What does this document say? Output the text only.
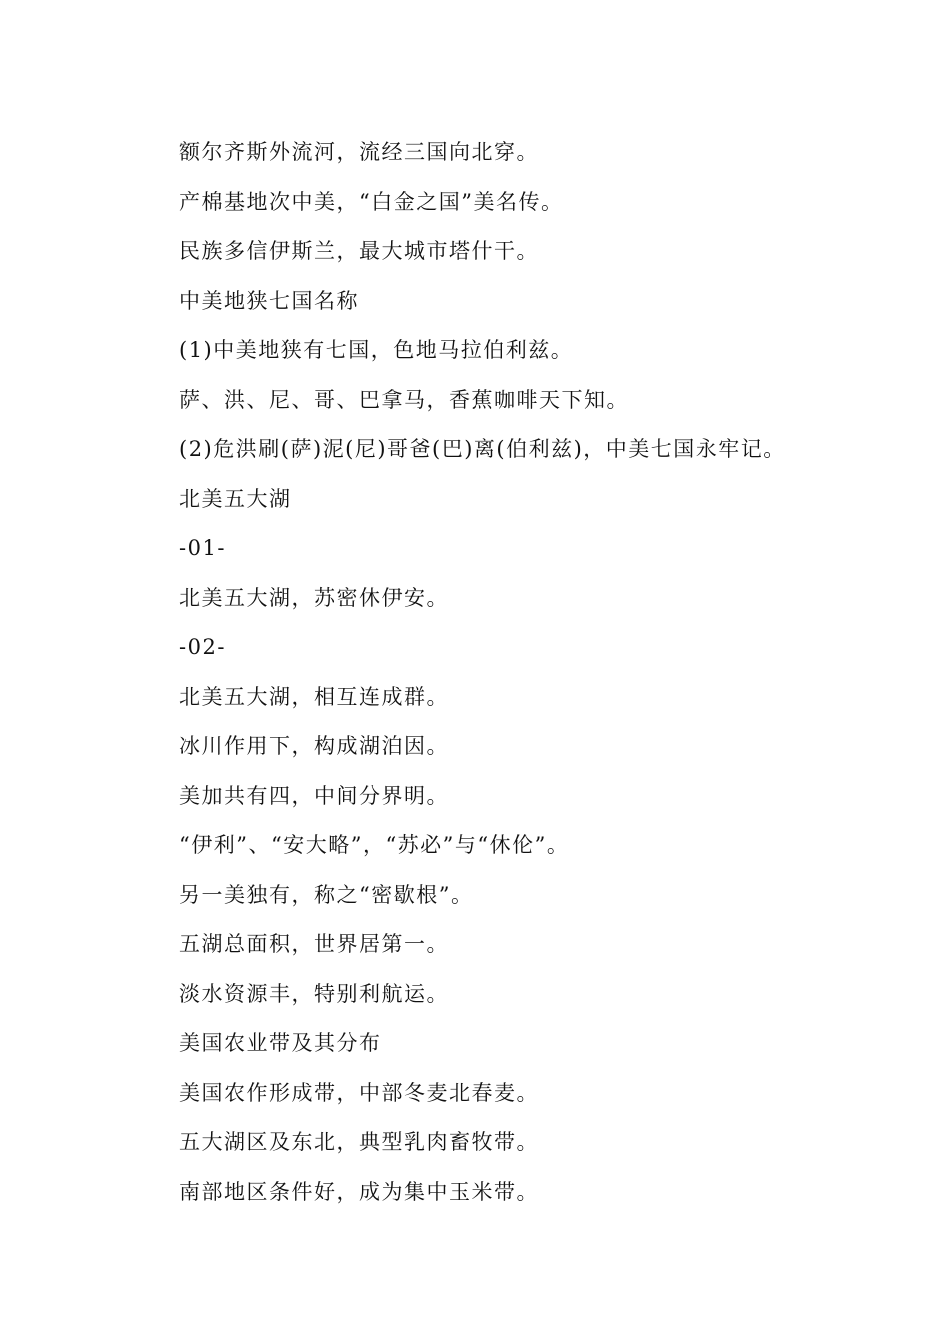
额尔齐斯外流河，流经三国向北穿。
产棉基地次中美，“白金之国”美名传。
民族多信伊斯兰，最大城市塔什干。
中美地狭七国名称
(1)中美地狭有七国，色地马拉伯利兹。
萨、洪、尼、哥、巴拿马，香蕉咖啡天下知。
(2)危洪刷(萨)泥(尼)哥爸(巴)离(伯利兹)，中美七国永牢记。
北美五大湖
-01-
北美五大湖，苏密休伊安。
-02-
北美五大湖，相互连成群。
冰川作用下，构成湖泊因。
美加共有四，中间分界明。
“伊利”、“安大略”，“苏必”与“休伦”。
另一美独有，称之“密歇根”。
五湖总面积，世界居第一。
淡水资源丰，特别利航运。
美国农业带及其分布
美国农作形成带，中部冬麦北春麦。
五大湖区及东北，典型乳肉畜牧带。
南部地区条件好，成为集中玉米带。
